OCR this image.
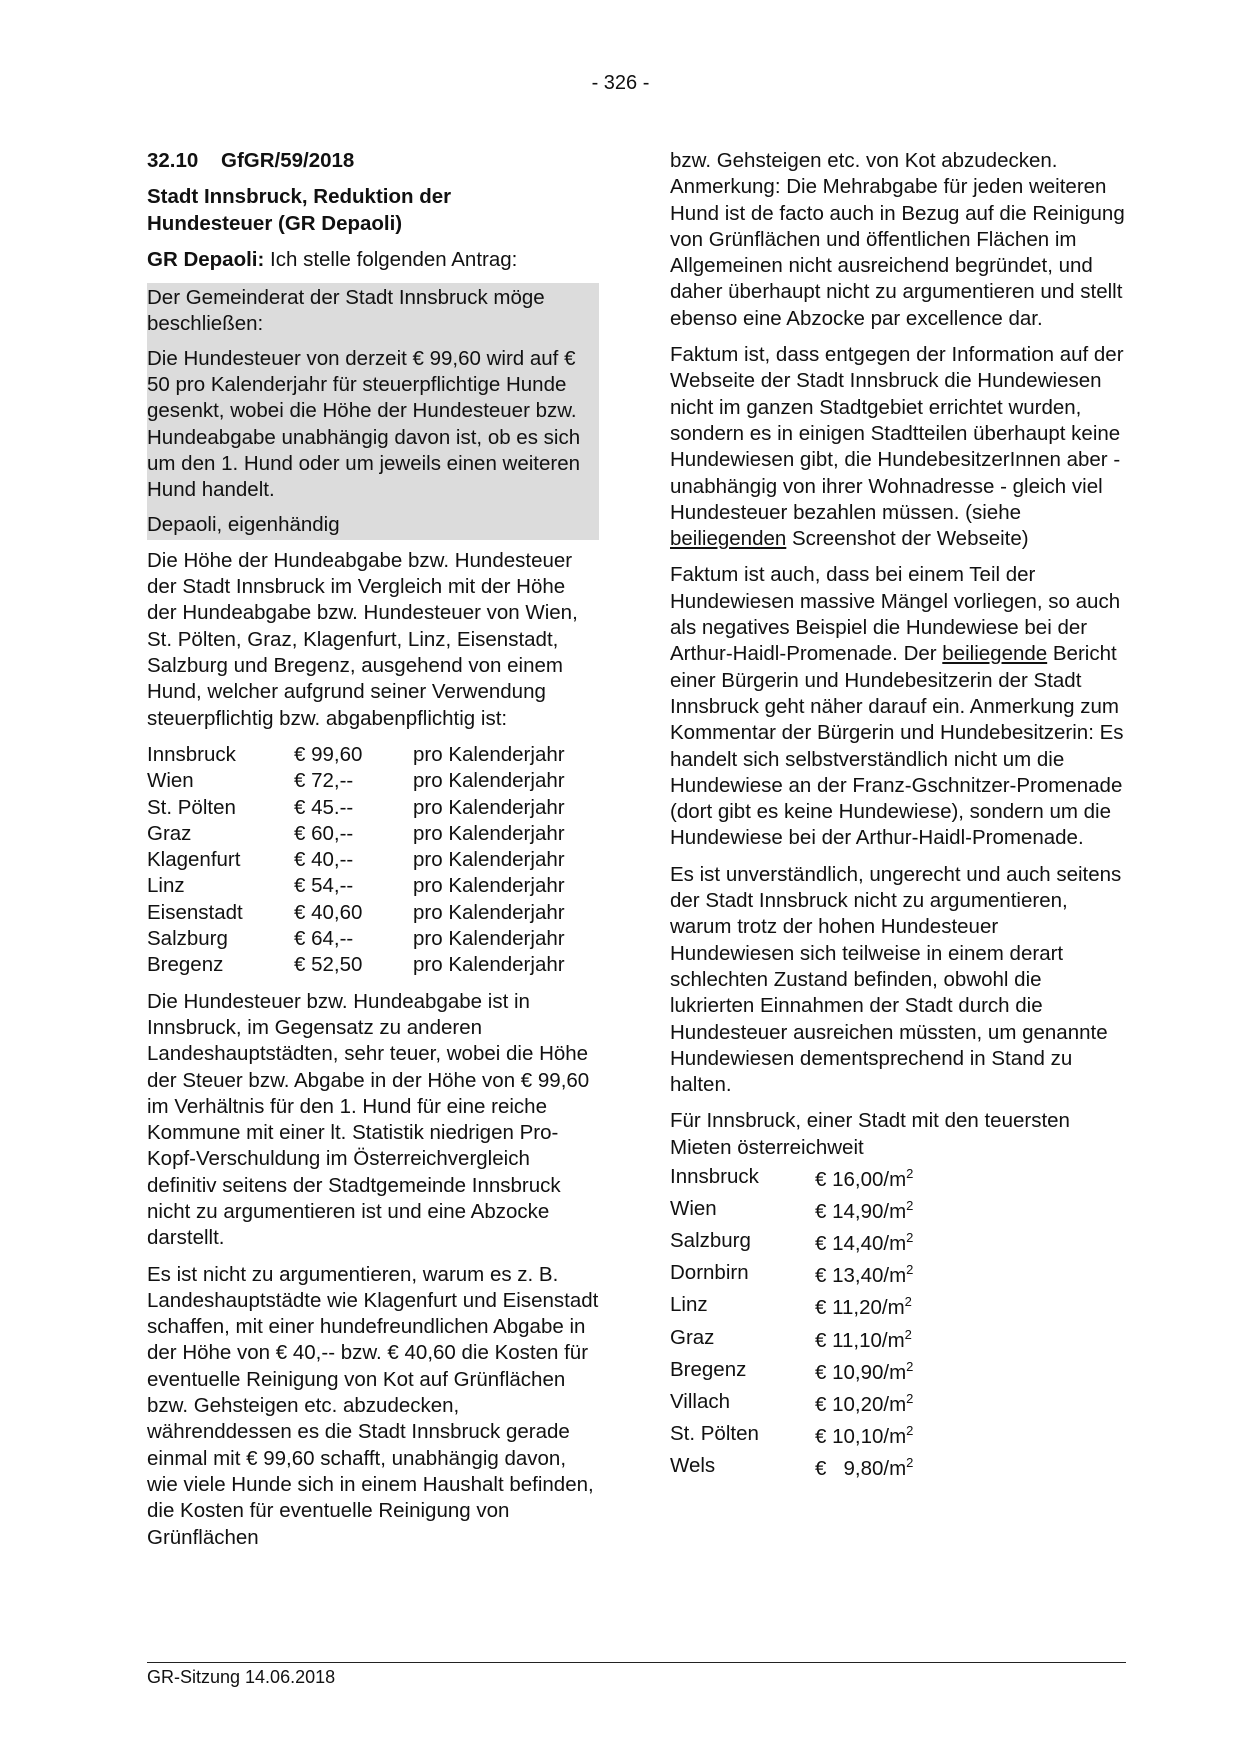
- 326 -

32.10 GfGR/59/2018

Stadt Innsbruck, Reduktion der
Hundesteuer (GR Depaoli)

GR Depaoli: Ich stelle folgenden Antrag:

Der Gemeinderat der Stadt Innsbruck möge beschließen:

Die Hundesteuer von derzeit € 99,60 wird auf € 50 pro Kalenderjahr für steuerpflichtige Hunde gesenkt, wobei die Höhe der Hundesteuer bzw. Hundeabgabe unabhängig davon ist, ob es sich um den 1. Hund oder um jeweils einen weiteren Hund handelt.

Depaoli, eigenhändig

Die Höhe der Hundeabgabe bzw. Hundesteuer der Stadt Innsbruck im Vergleich mit der Höhe der Hundeabgabe bzw. Hundesteuer von Wien, St. Pölten, Graz, Klagenfurt, Linz, Eisenstadt, Salzburg und Bregenz, ausgehend von einem Hund, welcher aufgrund seiner Verwendung steuerpflichtig bzw. abgabenpflichtig ist:

Innsbruck	€ 99,60	pro Kalenderjahr
Wien	€ 72,--	pro Kalenderjahr
St. Pölten	€ 45.--	pro Kalenderjahr
Graz	€ 60,--	pro Kalenderjahr
Klagenfurt	€ 40,--	pro Kalenderjahr
Linz	€ 54,--	pro Kalenderjahr
Eisenstadt	€ 40,60	pro Kalenderjahr
Salzburg	€ 64,--	pro Kalenderjahr
Bregenz	€ 52,50	pro Kalenderjahr

Die Hundesteuer bzw. Hundeabgabe ist in Innsbruck, im Gegensatz zu anderen Landeshauptstädten, sehr teuer, wobei die Höhe der Steuer bzw. Abgabe in der Höhe von € 99,60 im Verhältnis für den 1. Hund für eine reiche Kommune mit einer lt. Statistik niedrigen Pro-Kopf-Verschuldung im Österreichvergleich definitiv seitens der Stadtgemeinde Innsbruck nicht zu argumentieren ist und eine Abzocke darstellt.

Es ist nicht zu argumentieren, warum es z. B. Landeshauptstädte wie Klagenfurt und Eisenstadt schaffen, mit einer hundefreundlichen Abgabe in der Höhe von € 40,-- bzw. € 40,60 die Kosten für eventuelle Reinigung von Kot auf Grünflächen bzw. Gehsteigen etc. abzudecken, währenddessen es die Stadt Innsbruck gerade einmal mit € 99,60 schafft, unabhängig davon, wie viele Hunde sich in einem Haushalt befinden, die Kosten für eventuelle Reinigung von Grünflächen

bzw. Gehsteigen etc. von Kot abzudecken. Anmerkung: Die Mehrabgabe für jeden weiteren Hund ist de facto auch in Bezug auf die Reinigung von Grünflächen und öffentlichen Flächen im Allgemeinen nicht ausreichend begründet, und daher überhaupt nicht zu argumentieren und stellt ebenso eine Abzocke par excellence dar.

Faktum ist, dass entgegen der Information auf der Webseite der Stadt Innsbruck die Hundewiesen nicht im ganzen Stadtgebiet errichtet wurden, sondern es in einigen Stadtteilen überhaupt keine Hundewiesen gibt, die HundebesitzerInnen aber - unabhängig von ihrer Wohnadresse - gleich viel Hundesteuer bezahlen müssen. (siehe beiliegenden Screenshot der Webseite)

Faktum ist auch, dass bei einem Teil der Hundewiesen massive Mängel vorliegen, so auch als negatives Beispiel die Hundewiese bei der Arthur-Haidl-Promenade. Der beiliegende Bericht einer Bürgerin und Hundebesitzerin der Stadt Innsbruck geht näher darauf ein. Anmerkung zum Kommentar der Bürgerin und Hundebesitzerin: Es handelt sich selbstverständlich nicht um die Hundewiese an der Franz-Gschnitzer-Promenade (dort gibt es keine Hundewiese), sondern um die Hundewiese bei der Arthur-Haidl-Promenade.

Es ist unverständlich, ungerecht und auch seitens der Stadt Innsbruck nicht zu argumentieren, warum trotz der hohen Hundesteuer Hundewiesen sich teilweise in einem derart schlechten Zustand befinden, obwohl die lukrierten Einnahmen der Stadt durch die Hundesteuer ausreichen müssten, um genannte Hundewiesen dementsprechend in Stand zu halten.

Für Innsbruck, einer Stadt mit den teuersten Mieten österreichweit

Innsbruck	€ $16,00/m^2$
Wien	€ $14,90/m^2$
Salzburg	€ $14,40/m^2$
Dornbirn	€ $13,40/m^2$
Linz	€ $11,20/m^2$
Graz	€ $11,10/m^2$
Bregenz	€ $10,90/m^2$
Villach	€ $10,20/m^2$
St. Pölten	€ $10,10/m^2$
Wels	€   $9,80/m^2$
GR-Sitzung 14.06.2018
